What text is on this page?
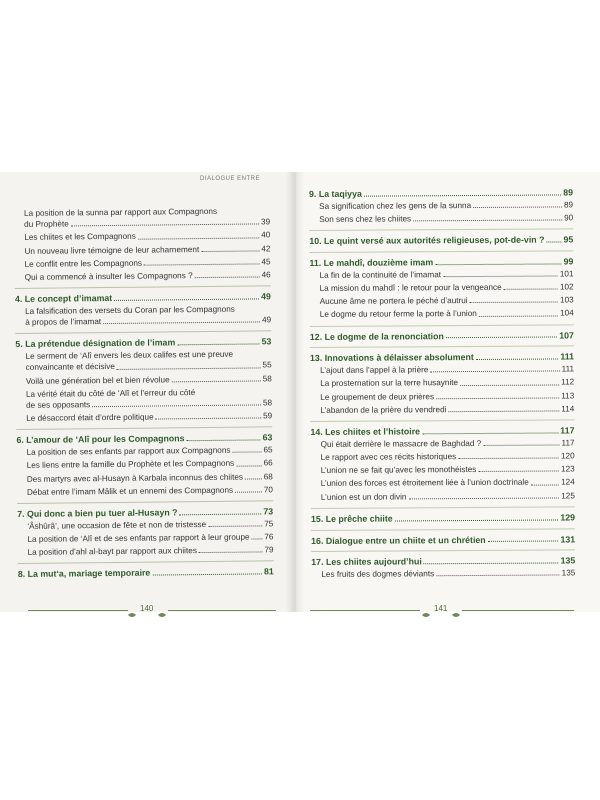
DIALOGUE ENTRE
La position de la sunna par rapport aux Compagnons
du Prophète	39
Les chiites et les Compagnons	40
Un nouveau livre témoigne de leur acharnement	42
Le conflit entre les Compagnons	45
Qui a commencé à insulter les Compagnons ?	46
4. Le concept d’imamat	49
La falsification des versets du Coran par les Compagnons
à propos de l’imamat	49
5. La prétendue désignation de l’imam	53
Le serment de ‘Alî envers les deux califes est une preuve
convaincante et décisive	55
Voilà une génération bel et bien révolue	58
La vérité était du côté de ‘Alî et l’erreur du côté
de ses opposants	58
Le désaccord était d’ordre politique	59
6. L’amour de ‘Alî pour les Compagnons	63
La position de ses enfants par rapport aux Compagnons	65
Les liens entre la famille du Prophète et les Compagnons	66
Des martyrs avec al-Husayn à Karbala inconnus des chiites	68
Débat entre l’imam Mâlik et un ennemi des Compagnons	70
7. Qui donc a bien pu tuer al-Husayn ?	73
‘Âshûrâ’, une occasion de fête et non de tristesse	75
La position de ‘Alî et de ses enfants par rapport à leur groupe 76
La position d’ahl al-bayt par rapport aux chiites	79
8. La mut‘a, mariage temporaire	81
9. La taqiyya	89
Sa signification chez les gens de la sunna	89
Son sens chez les chiites	90
10. Le quint versé aux autorités religieuses, pot-de-vin ? 95
11. Le mahdî, douzième imam	99
La fin de la continuité de l’imamat	101
La mission du mahdî : le retour pour la vengeance	102
Aucune âme ne portera le péché d’autrui	103
Le dogme du retour ferme la porte à l’union	104
12. Le dogme de la renonciation	107
13. Innovations à délaisser absolument	111
L’ajout dans l’appel à la prière	111
La prosternation sur la terre husaynite	112
Le groupement de deux prières	113
L’abandon de la prière du vendredi	114
14. Les chiites et l’histoire	117
Qui était derrière le massacre de Baghdad ?	117
Le rapport avec ces récits historiques	120
L’union ne se fait qu’avec les monothéistes	123
L’union des forces est étroitement liée à l’union doctrinale	124
L’union est un don divin	125
15. Le prêche chiite	129
16. Dialogue entre un chiite et un chrétien	131
17. Les chiites aujourd’hui	135
Les fruits des dogmes déviants	135
140	141
